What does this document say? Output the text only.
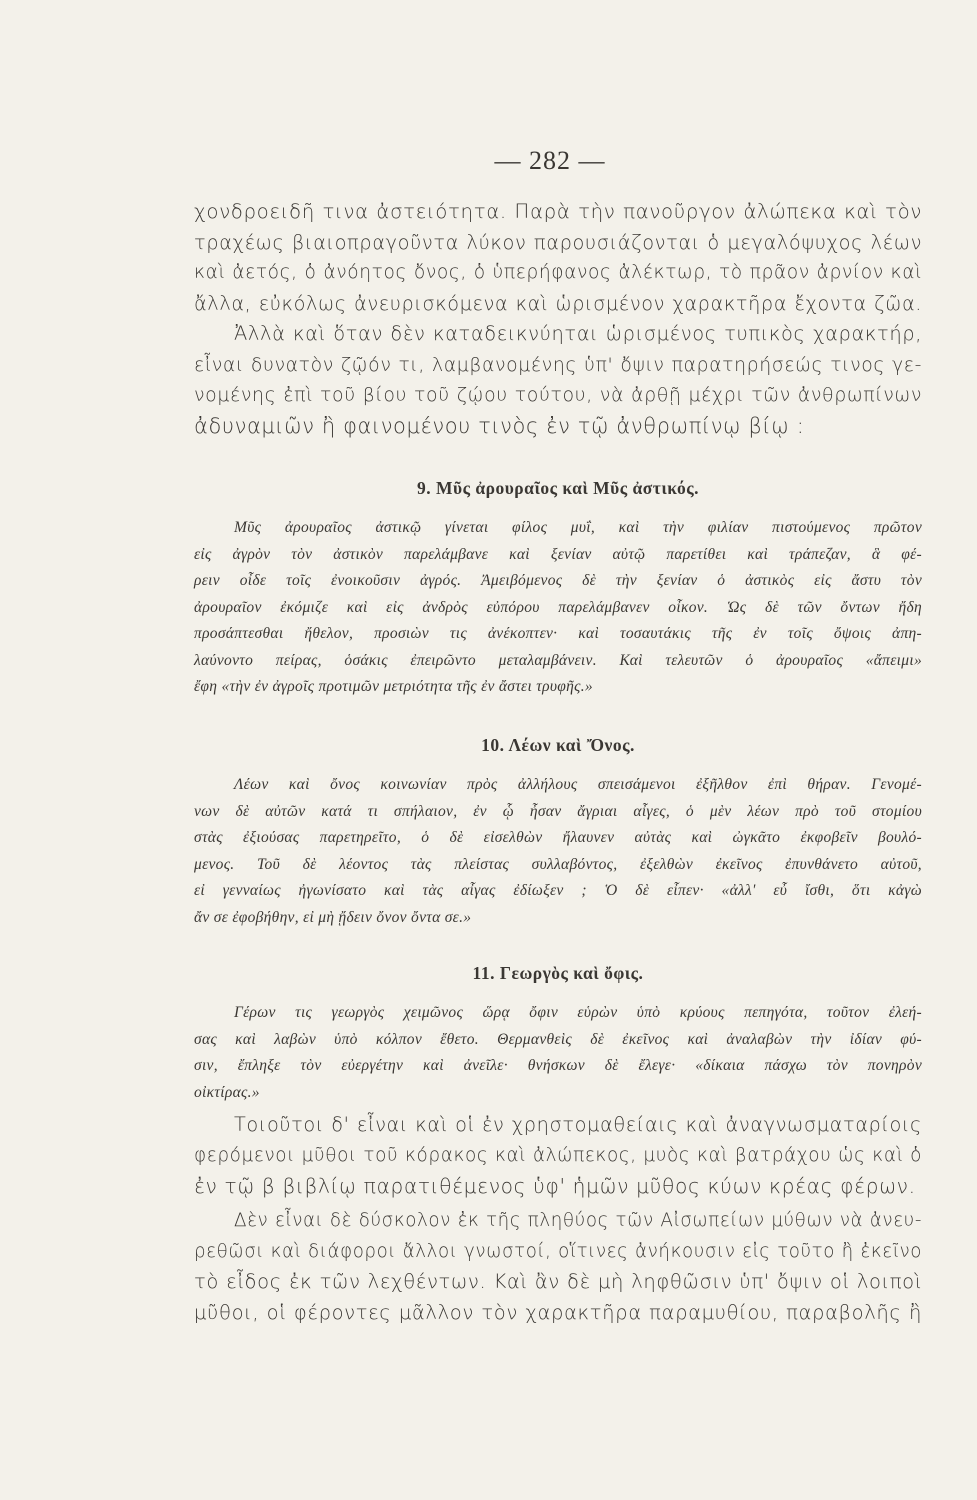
— 282 —
χονδροειδῆ τινα ἀστειότητα. Παρὰ τὴν πανοῦργον ἀλώπεκα καὶ τὸν
τραχέως βιαιοπραγοῦντα λύκον παρουσιάζονται ὁ μεγαλόψυχος λέων
καὶ ἀετός, ὁ ἀνόητος ὄνος, ὁ ὑπερήφανος ἀλέκτωρ, τὸ πρᾶον ἀρνίον καὶ
ἄλλα, εὐκόλως ἀνευρισκόμενα καὶ ὡρισμένον χαρακτῆρα ἔχοντα ζῶα.
Ἀλλὰ καὶ ὅταν δὲν καταδεικνύηται ὡρισμένος τυπικὸς χαρακτήρ,
εἶναι δυνατὸν ζῷόν τι, λαμβανομένης ὑπ' ὄψιν παρατηρήσεώς τινος γε-
νομένης ἐπὶ τοῦ βίου τοῦ ζῴου τούτου, νὰ ἀρθῇ μέχρι τῶν ἀνθρωπίνων
ἀδυναμιῶν ἢ φαινομένου τινὸς ἐν τῷ ἀνθρωπίνῳ βίῳ :
9. Μῦς ἀρουραῖος καὶ Μῦς ἀστικός.
Μῦς ἀρουραῖος ἀστικῷ γίνεται φίλος μυΐ, καὶ τὴν φιλίαν πιστούμενος πρῶτον
εἰς ἀγρὸν τὸν ἀστικὸν παρελάμβανε καὶ ξενίαν αὐτῷ παρετίθει καὶ τράπεζαν, ἃ φέ-
ρειν οἶδε τοῖς ἐνοικοῦσιν ἀγρός. Ἀμειβόμενος δὲ τὴν ξενίαν ὁ ἀστικὸς εἰς ἄστυ τὸν
ἀρουραῖον ἐκόμιζε καὶ εἰς ἀνδρὸς εὐπόρου παρελάμβανεν οἶκον. Ὡς δὲ τῶν ὄντων ἤδη
προσάπτεσθαι ἤθελον, προσιὼν τις ἀνέκοπτεν· καὶ τοσαυτάκις τῆς ἐν τοῖς ὄψοις ἀπη-
λαύνοντο πείρας, ὁσάκις ἐπειρῶντο μεταλαμβάνειν. Καὶ τελευτῶν ὁ ἀρουραῖος «ἄπειμι»
ἔφη «τὴν ἐν ἀγροῖς προτιμῶν μετριότητα τῆς ἐν ἄστει τρυφῆς.»
10. Λέων καὶ Ὄνος.
Λέων καὶ ὄνος κοινωνίαν πρὸς ἀλλήλους σπεισάμενοι ἐξῆλθον ἐπὶ θήραν. Γενομέ-
νων δὲ αὐτῶν κατά τι σπήλαιον, ἐν ᾧ ἦσαν ἄγριαι αἶγες, ὁ μὲν λέων πρὸ τοῦ στομίου
στὰς ἐξιούσας παρετηρεῖτο, ὁ δὲ εἰσελθὼν ἤλαυνεν αὐτὰς καὶ ὠγκᾶτο ἐκφοβεῖν βουλό-
μενος. Τοῦ δὲ λέοντος τὰς πλείστας συλλαβόντος, ἐξελθὼν ἐκεῖνος ἐπυνθάνετο αὐτοῦ,
εἰ γενναίως ἠγωνίσατο καὶ τὰς αἶγας ἐδίωξεν ; Ὁ δὲ εἶπεν· «ἀλλ' εὖ ἴσθι, ὅτι κἀγὼ
ἄν σε ἐφοβήθην, εἰ μὴ ᾔδειν ὄνον ὄντα σε.»
11. Γεωργὸς καὶ ὄφις.
Γέρων τις γεωργὸς χειμῶνος ὥρᾳ ὄφιν εὑρὼν ὑπὸ κρύους πεπηγότα, τοῦτον ἐλεή-
σας καὶ λαβὼν ὑπὸ κόλπον ἔθετο. Θερμανθεὶς δὲ ἐκεῖνος καὶ ἀναλαβὼν τὴν ἰδίαν φύ-
σιν, ἔπληξε τὸν εὐεργέτην καὶ ἀνεῖλε· θνήσκων δὲ ἔλεγε· «δίκαια πάσχω τὸν πονηρὸν
οἰκτίρας.»
Τοιοῦτοι δ' εἶναι καὶ οἱ ἐν χρηστομαθείαις καὶ ἀναγνωσματαρίοις
φερόμενοι μῦθοι τοῦ κόρακος καὶ ἀλώπεκος, μυὸς καὶ βατράχου ὡς καὶ ὁ
ἐν τῷ β βιβλίῳ παρατιθέμενος ὑφ' ἡμῶν μῦθος κύων κρέας φέρων.
Δὲν εἶναι δὲ δύσκολον ἐκ τῆς πληθύος τῶν Αἰσωπείων μύθων νὰ ἀνευ-
ρεθῶσι καὶ διάφοροι ἄλλοι γνωστοί, οἵτινες ἀνήκουσιν εἰς τοῦτο ἢ ἐκεῖνο
τὸ εἶδος ἐκ τῶν λεχθέντων. Καὶ ἂν δὲ μὴ ληφθῶσιν ὑπ' ὄψιν οἱ λοιποὶ
μῦθοι, οἱ φέροντες μᾶλλον τὸν χαρακτῆρα παραμυθίου, παραβολῆς ἢ
